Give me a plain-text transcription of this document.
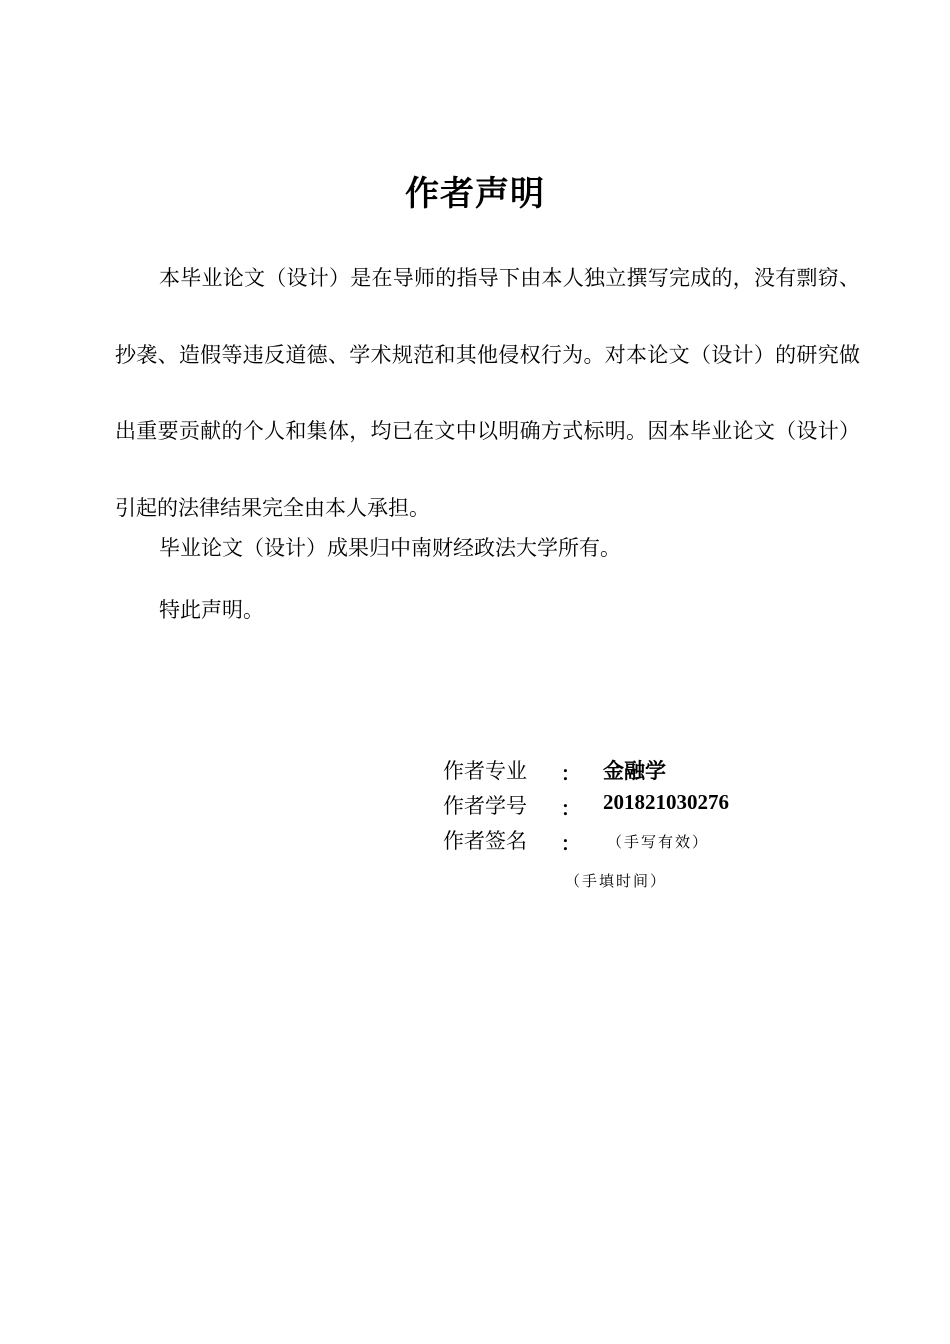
作者声明
本毕业论文（设计）是在导师的指导下由本人独立撰写完成的，没有剽窃、抄袭、造假等违反道德、学术规范和其他侵权行为。对本论文（设计）的研究做出重要贡献的个人和集体，均已在文中以明确方式标明。因本毕业论文（设计）引起的法律结果完全由本人承担。
毕业论文（设计）成果归中南财经政法大学所有。
特此声明。
作者专业 ： 金融学
作者学号 ： 201821030276
作者签名 ： （手写有效）
（手填时间）
